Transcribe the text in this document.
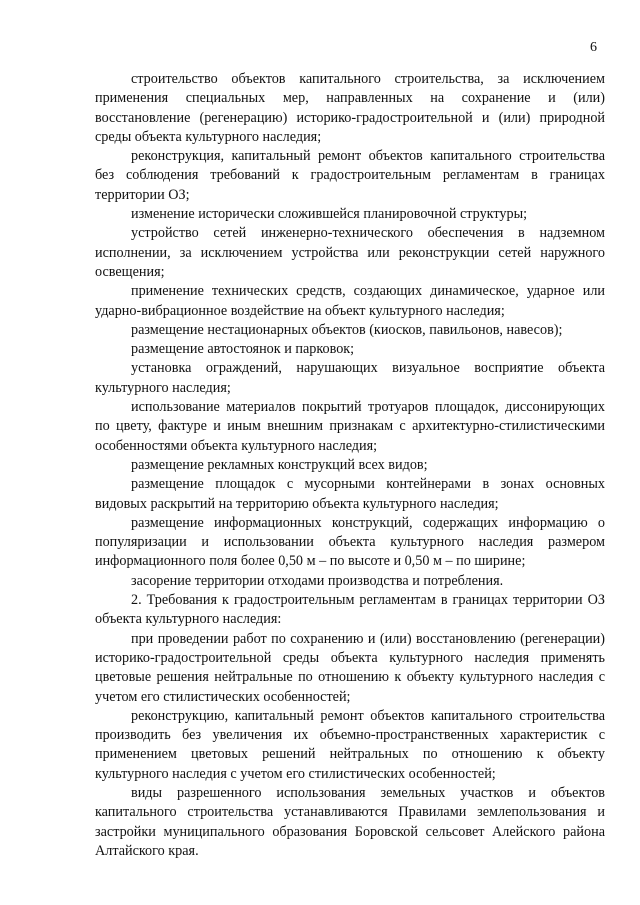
6

строительство объектов капитального строительства, за исключением применения специальных мер, направленных на сохранение и (или) восстановление (регенерацию) историко-градостроительной и (или) природной среды объекта культурного наследия;

реконструкция, капитальный ремонт объектов капитального строительства без соблюдения требований к градостроительным регламентам в границах территории ОЗ;

изменение исторически сложившейся планировочной структуры;

устройство сетей инженерно-технического обеспечения в надземном исполнении, за исключением устройства или реконструкции сетей наружного освещения;

применение технических средств, создающих динамическое, ударное или ударно-вибрационное воздействие на объект культурного наследия;

размещение нестационарных объектов (киосков, павильонов, навесов);

размещение автостоянок и парковок;

установка ограждений, нарушающих визуальное восприятие объекта культурного наследия;

использование материалов покрытий тротуаров площадок, диссонирующих по цвету, фактуре и иным внешним признакам с архитектурно-стилистическими особенностями объекта культурного наследия;

размещение рекламных конструкций всех видов;

размещение площадок с мусорными контейнерами в зонах основных видовых раскрытий на территорию объекта культурного наследия;

размещение информационных конструкций, содержащих информацию о популяризации и использовании объекта культурного наследия размером информационного поля более 0,50 м – по высоте и 0,50 м – по ширине;

засорение территории отходами производства и потребления.

2. Требования к градостроительным регламентам в границах территории ОЗ объекта культурного наследия:

при проведении работ по сохранению и (или) восстановлению (регенерации) историко-градостроительной среды объекта культурного наследия применять цветовые решения нейтральные по отношению к объекту культурного наследия с учетом его стилистических особенностей;

реконструкцию, капитальный ремонт объектов капитального строительства производить без увеличения их объемно-пространственных характеристик с применением цветовых решений нейтральных по отношению к объекту культурного наследия с учетом его стилистических особенностей;

виды разрешенного использования земельных участков и объектов капитального строительства устанавливаются Правилами землепользования и застройки муниципального образования Боровской сельсовет Алейского района Алтайского края.
